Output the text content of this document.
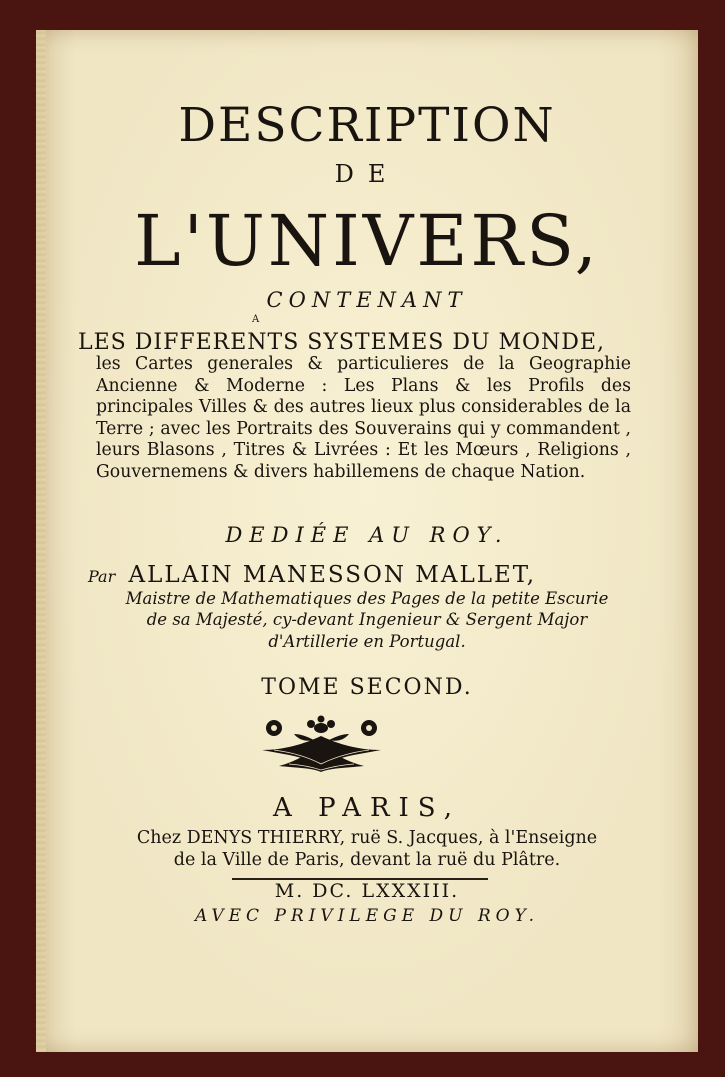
DESCRIPTION
DE
L'UNIVERS,
CONTENANT
A
LES DIFFERENTS SYSTEMES DU MONDE,
les Cartes generales & particulieres de la Geographie Ancienne & Moderne : Les Plans & les Profils des principales Villes & des autres lieux plus considerables de la Terre ; avec les Portraits des Souverains qui y commandent , leurs Blasons , Titres & Livrées : Et les Mœurs , Religions , Gouvernemens & divers habillemens de chaque Nation.
DEDIÉE AU ROY.
Par ALLAIN MANESSON MALLET,
Maistre de Mathematiques des Pages de la petite Escurie
de sa Majesté, cy-devant Ingenieur & Sergent Major
d'Artillerie en Portugal.
TOME SECOND.
A PARIS,
Chez DENYS THIERRY, ruë S. Jacques, à l'Enseigne
de la Ville de Paris, devant la ruë du Plâtre.
M. DC. LXXXIII.
AVEC PRIVILEGE DU ROY.
